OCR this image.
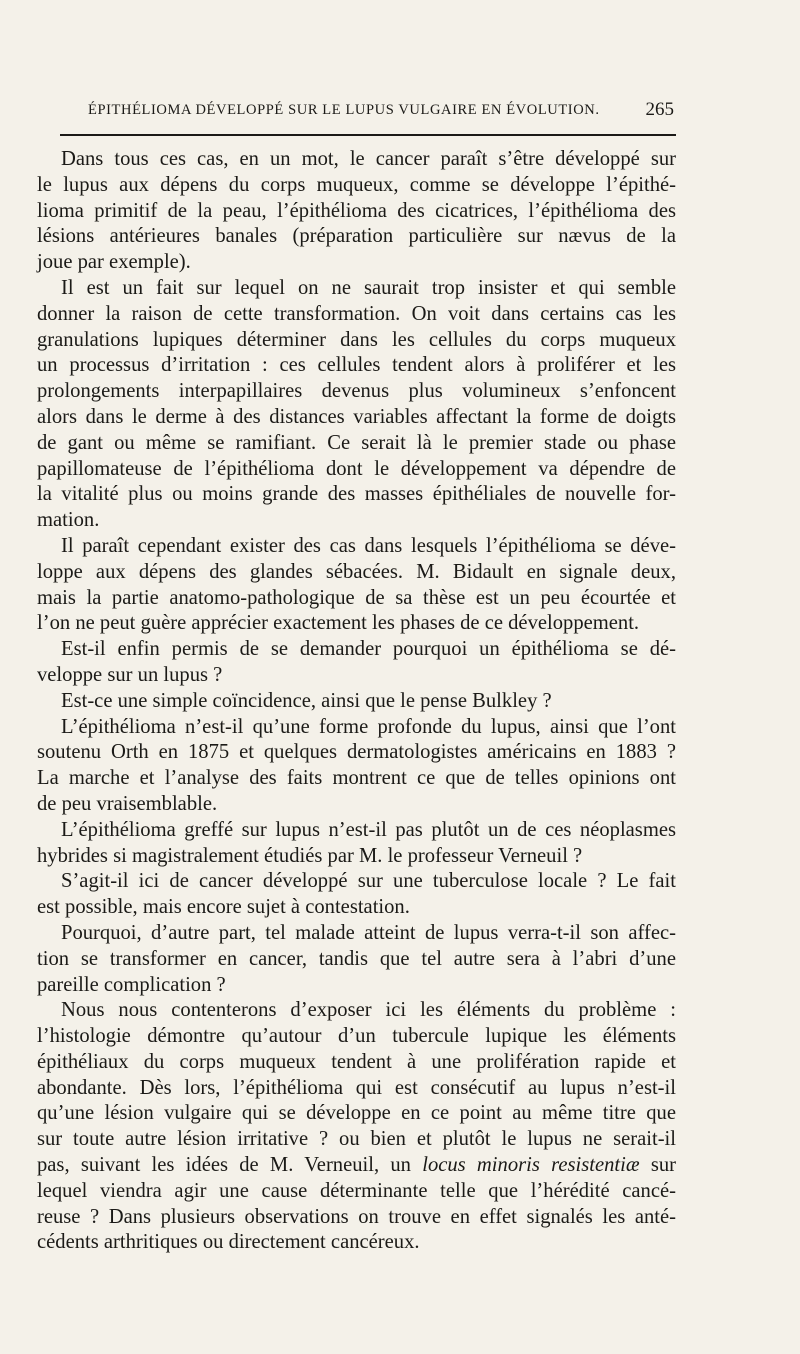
ÉPITHÉLIOMA DÉVELOPPÉ SUR LE LUPUS VULGAIRE EN ÉVOLUTION. 265
Dans tous ces cas, en un mot, le cancer paraît s’être développé sur
le lupus aux dépens du corps muqueux, comme se développe l’épithé-
lioma primitif de la peau, l’épithélioma des cicatrices, l’épithélioma des
lésions antérieures banales (préparation particulière sur nævus de la
joue par exemple).
Il est un fait sur lequel on ne saurait trop insister et qui semble
donner la raison de cette transformation. On voit dans certains cas les
granulations lupiques déterminer dans les cellules du corps muqueux
un processus d’irritation : ces cellules tendent alors à proliférer et les
prolongements interpapillaires devenus plus volumineux s’enfoncent
alors dans le derme à des distances variables affectant la forme de doigts
de gant ou même se ramifiant. Ce serait là le premier stade ou phase
papillomateuse de l’épithélioma dont le développement va dépendre de
la vitalité plus ou moins grande des masses épithéliales de nouvelle for-
mation.
Il paraît cependant exister des cas dans lesquels l’épithélioma se déve-
loppe aux dépens des glandes sébacées. M. Bidault en signale deux,
mais la partie anatomo-pathologique de sa thèse est un peu écourtée et
l’on ne peut guère apprécier exactement les phases de ce développement.
Est-il enfin permis de se demander pourquoi un épithélioma se dé-
veloppe sur un lupus ?
Est-ce une simple coïncidence, ainsi que le pense Bulkley ?
L’épithélioma n’est-il qu’une forme profonde du lupus, ainsi que l’ont
soutenu Orth en 1875 et quelques dermatologistes américains en 1883 ?
La marche et l’analyse des faits montrent ce que de telles opinions ont
de peu vraisemblable.
L’épithélioma greffé sur lupus n’est-il pas plutôt un de ces néoplasmes
hybrides si magistralement étudiés par M. le professeur Verneuil ?
S’agit-il ici de cancer développé sur une tuberculose locale ? Le fait
est possible, mais encore sujet à contestation.
Pourquoi, d’autre part, tel malade atteint de lupus verra-t-il son affec-
tion se transformer en cancer, tandis que tel autre sera à l’abri d’une
pareille complication ?
Nous nous contenterons d’exposer ici les éléments du problème :
l’histologie démontre qu’autour d’un tubercule lupique les éléments
épithéliaux du corps muqueux tendent à une prolifération rapide et
abondante. Dès lors, l’épithélioma qui est consécutif au lupus n’est-il
qu’une lésion vulgaire qui se développe en ce point au même titre que
sur toute autre lésion irritative ? ou bien et plutôt le lupus ne serait-il
pas, suivant les idées de M. Verneuil, un locus minoris resistentiæ sur
lequel viendra agir une cause déterminante telle que l’hérédité cancé-
reuse ? Dans plusieurs observations on trouve en effet signalés les anté-
cédents arthritiques ou directement cancéreux.
